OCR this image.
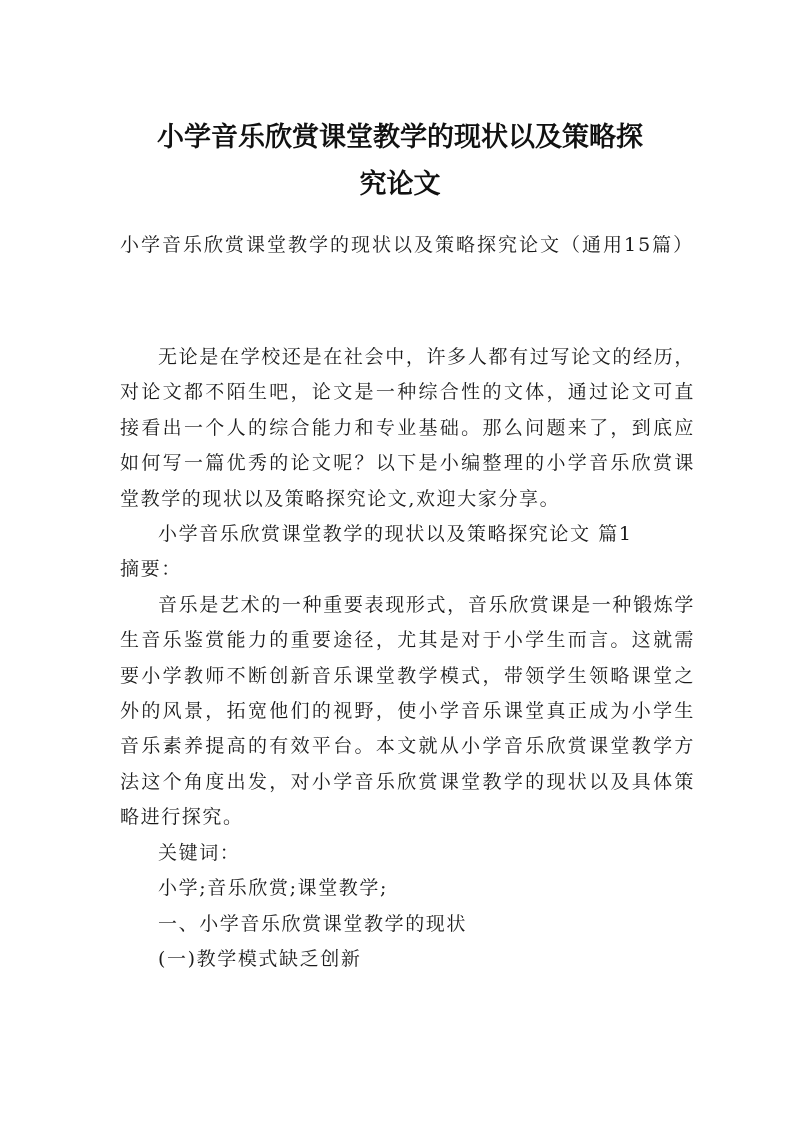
小学音乐欣赏课堂教学的现状以及策略探
究论文
小学音乐欣赏课堂教学的现状以及策略探究论文（通用15篇）

无论是在学校还是在社会中，许多人都有过写论文的经历，对论文都不陌生吧，论文是一种综合性的文体，通过论文可直接看出一个人的综合能力和专业基础。那么问题来了，到底应如何写一篇优秀的论文呢？以下是小编整理的小学音乐欣赏课堂教学的现状以及策略探究论文,欢迎大家分享。

小学音乐欣赏课堂教学的现状以及策略探究论文 篇1

摘要：

音乐是艺术的一种重要表现形式，音乐欣赏课是一种锻炼学生音乐鉴赏能力的重要途径，尤其是对于小学生而言。这就需要小学教师不断创新音乐课堂教学模式，带领学生领略课堂之外的风景，拓宽他们的视野，使小学音乐课堂真正成为小学生音乐素养提高的有效平台。本文就从小学音乐欣赏课堂教学方法这个角度出发，对小学音乐欣赏课堂教学的现状以及具体策略进行探究。

关键词：

小学;音乐欣赏;课堂教学;

一、小学音乐欣赏课堂教学的现状

(一)教学模式缺乏创新
